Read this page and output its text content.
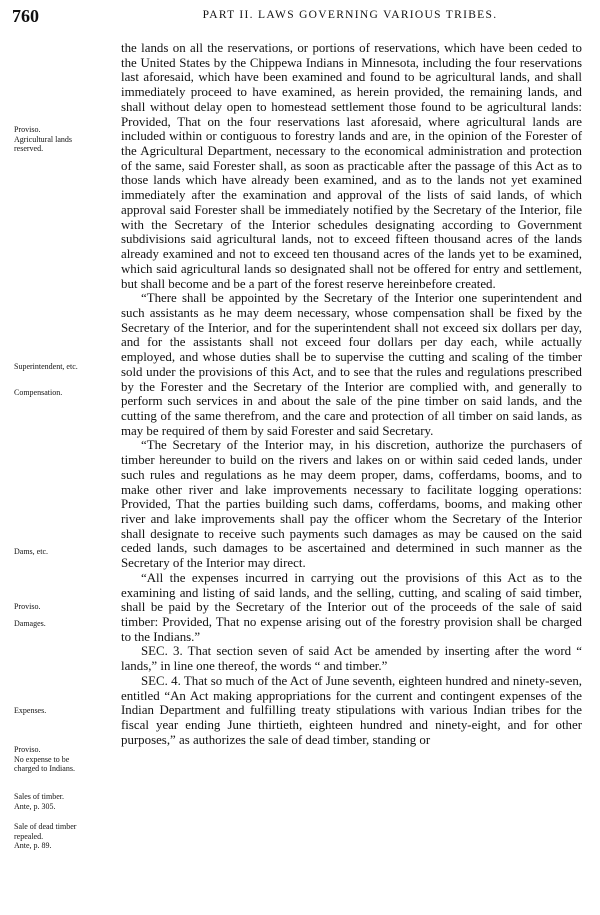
760	PART II. LAWS GOVERNING VARIOUS TRIBES.
Proviso.
Agricultural lands
reserved.
Superintendent, etc.
Compensation.
Dams, etc.
Proviso.
Damages.
Expenses.
Proviso.
No expense to be
charged to Indians.
Sales of timber.
Ante, p. 305.
Sale of dead timber
repealed.
Ante, p. 89.

the lands on all the reservations, or portions of reservations, which have been ceded to the United States by the Chippewa Indians in Minnesota, including the four reservations last aforesaid, which have been examined and found to be agricultural lands, and shall immediately proceed to have examined, as herein provided, the remaining lands, and shall without delay open to homestead settlement those found to be agricultural lands: Provided, That on the four reservations last aforesaid, where agricultural lands are included within or contiguous to forestry lands and are, in the opinion of the Forester of the Agricultural Department, necessary to the economical administration and protection of the same, said Forester shall, as soon as practicable after the passage of this Act as to those lands which have already been examined, and as to the lands not yet examined immediately after the examination and approval of the lists of said lands, of which approval said Forester shall be immediately notified by the Secretary of the Interior, file with the Secretary of the Interior schedules designating according to Government subdivisions said agricultural lands, not to exceed fifteen thousand acres of the lands already examined and not to exceed ten thousand acres of the lands yet to be examined, which said agricultural lands so designated shall not be offered for entry and settlement, but shall become and be a part of the forest reserve hereinbefore created.

“There shall be appointed by the Secretary of the Interior one superintendent and such assistants as he may deem necessary, whose compensation shall be fixed by the Secretary of the Interior, and for the superintendent shall not exceed six dollars per day, and for the assistants shall not exceed four dollars per day each, while actually employed, and whose duties shall be to supervise the cutting and scaling of the timber sold under the provisions of this Act, and to see that the rules and regulations prescribed by the Forester and the Secretary of the Interior are complied with, and generally to perform such services in and about the sale of the pine timber on said lands, and the cutting of the same therefrom, and the care and protection of all timber on said lands, as may be required of them by said Forester and said Secretary.

“The Secretary of the Interior may, in his discretion, authorize the purchasers of timber hereunder to build on the rivers and lakes on or within said ceded lands, under such rules and regulations as he may deem proper, dams, cofferdams, booms, and to make other river and lake improvements necessary to facilitate logging operations: Provided, That the parties building such dams, cofferdams, booms, and making other river and lake improvements shall pay the officer whom the Secretary of the Interior shall designate to receive such payments such damages as may be caused on the said ceded lands, such damages to be ascertained and determined in such manner as the Secretary of the Interior may direct.

“All the expenses incurred in carrying out the provisions of this Act as to the examining and listing of said lands, and the selling, cutting, and scaling of said timber, shall be paid by the Secretary of the Interior out of the proceeds of the sale of said timber: Provided, That no expense arising out of the forestry provision shall be charged to the Indians.”

SEC. 3. That section seven of said Act be amended by inserting after the word “ lands,” in line one thereof, the words “ and timber.”

SEC. 4. That so much of the Act of June seventh, eighteen hundred and ninety-seven, entitled “An Act making appropriations for the current and contingent expenses of the Indian Department and fulfilling treaty stipulations with various Indian tribes for the fiscal year ending June thirtieth, eighteen hundred and ninety-eight, and for other purposes,” as authorizes the sale of dead timber, standing or
